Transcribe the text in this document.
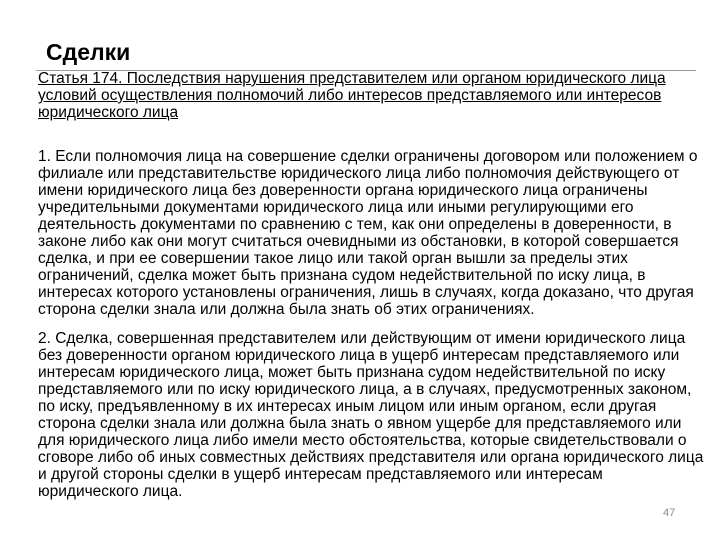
Сделки

Статья 174. Последствия нарушения представителем или органом юридического лица условий осуществления полномочий либо интересов представляемого или интересов юридического лица

1. Если полномочия лица на совершение сделки ограничены договором или положением о филиале или представительстве юридического лица либо полномочия действующего от имени юридического лица без доверенности органа юридического лица ограничены учредительными документами юридического лица или иными регулирующими его деятельность документами по сравнению с тем, как они определены в доверенности, в законе либо как они могут считаться очевидными из обстановки, в которой совершается сделка, и при ее совершении такое лицо или такой орган вышли за пределы этих ограничений, сделка может быть признана судом недействительной по иску лица, в интересах которого установлены ограничения, лишь в случаях, когда доказано, что другая сторона сделки знала или должна была знать об этих ограничениях.

2. Сделка, совершенная представителем или действующим от имени юридического лица без доверенности органом юридического лица в ущерб интересам представляемого или интересам юридического лица, может быть признана судом недействительной по иску представляемого или по иску юридического лица, а в случаях, предусмотренных законом, по иску, предъявленному в их интересах иным лицом или иным органом, если другая сторона сделки знала или должна была знать о явном ущербе для представляемого или для юридического лица либо имели место обстоятельства, которые свидетельствовали о сговоре либо об иных совместных действиях представителя или органа юридического лица и другой стороны сделки в ущерб интересам представляемого или интересам юридического лица.

47
